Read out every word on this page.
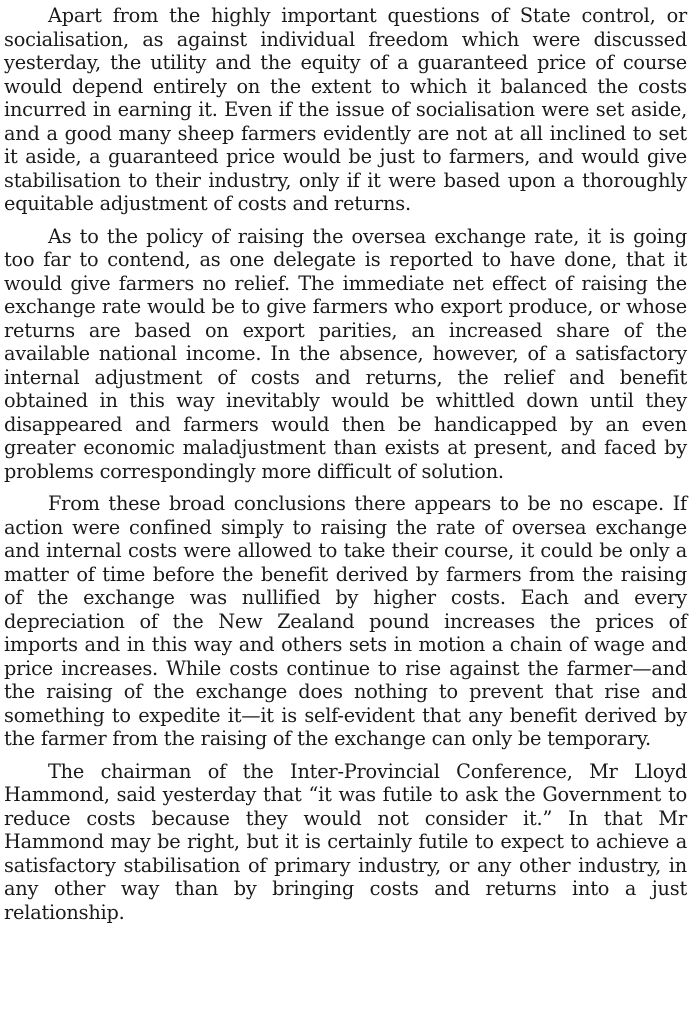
Apart from the highly important questions of State control, or socialisation, as against individual freedom which were discussed yesterday, the utility and the equity of a guaranteed price of course would depend entirely on the extent to which it balanced the costs incurred in earning it. Even if the issue of socialisation were set aside, and a good many sheep farmers evidently are not at all inclined to set it aside, a guaranteed price would be just to farmers, and would give stabilisation to their industry, only if it were based upon a thoroughly equitable adjustment of costs and returns.

As to the policy of raising the oversea exchange rate, it is going too far to contend, as one delegate is reported to have done, that it would give farmers no relief. The immediate net effect of raising the exchange rate would be to give farmers who export produce, or whose returns are based on export parities, an increased share of the available national income. In the absence, however, of a satisfactory internal adjustment of costs and returns, the relief and benefit obtained in this way inevitably would be whittled down until they disappeared and farmers would then be handicapped by an even greater economic maladjustment than exists at present, and faced by problems correspondingly more difficult of solution.

From these broad conclusions there appears to be no escape. If action were confined simply to raising the rate of oversea exchange and internal costs were allowed to take their course, it could be only a matter of time before the benefit derived by farmers from the raising of the exchange was nullified by higher costs. Each and every depreciation of the New Zealand pound increases the prices of imports and in this way and others sets in motion a chain of wage and price increases. While costs continue to rise against the farmer—and the raising of the exchange does nothing to prevent that rise and something to expedite it—it is self-evident that any benefit derived by the farmer from the raising of the exchange can only be temporary.

The chairman of the Inter-Provincial Conference, Mr Lloyd Hammond, said yesterday that “it was futile to ask the Government to reduce costs because they would not consider it.” In that Mr Hammond may be right, but it is certainly futile to expect to achieve a satisfactory stabilisation of primary industry, or any other industry, in any other way than by bringing costs and returns into a just relationship.
